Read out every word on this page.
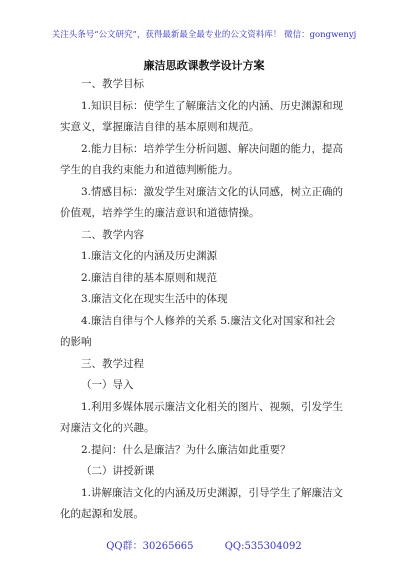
关注头条号“公文研究”，获得最新最全最专业的公文资料库！ 微信：gongwenyj
廉洁思政课教学设计方案

一、教学目标

1.知识目标：使学生了解廉洁文化的内涵、历史渊源和现实意义，掌握廉洁自律的基本原则和规范。

2.能力目标：培养学生分析问题、解决问题的能力，提高学生的自我约束能力和道德判断能力。

3.情感目标：激发学生对廉洁文化的认同感，树立正确的价值观，培养学生的廉洁意识和道德情操。

二、教学内容

1.廉洁文化的内涵及历史渊源

2.廉洁自律的基本原则和规范

3.廉洁文化在现实生活中的体现

4.廉洁自律与个人修养的关系 5.廉洁文化对国家和社会的影响

三、教学过程

（一）导入

1.利用多媒体展示廉洁文化相关的图片、视频，引发学生对廉洁文化的兴趣。

2.提问：什么是廉洁？为什么廉洁如此重要？

（二）讲授新课

1.讲解廉洁文化的内涵及历史渊源，引导学生了解廉洁文化的起源和发展。

QQ群：30265665	QQ:535304092
